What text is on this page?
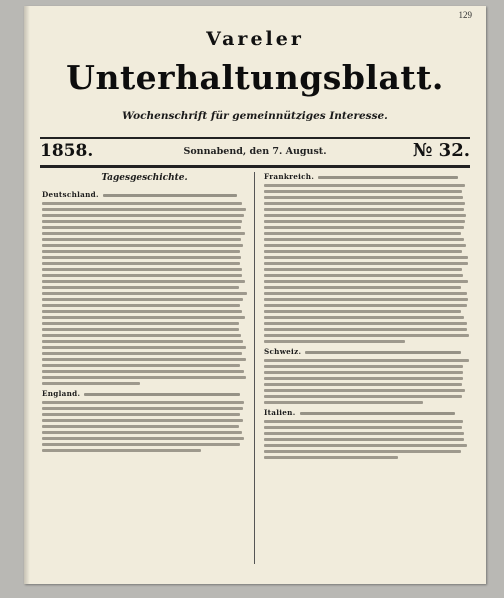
129
Vareler
Unterhaltungsblatt.
Wochenschrift für gemeinnütziges Interesse.
1858.	Sonnabend, den 7. August.	№ 32.
Tagesgeschichte.
Deutschland.
England.
Frankreich.
Schweiz.
Italien.
